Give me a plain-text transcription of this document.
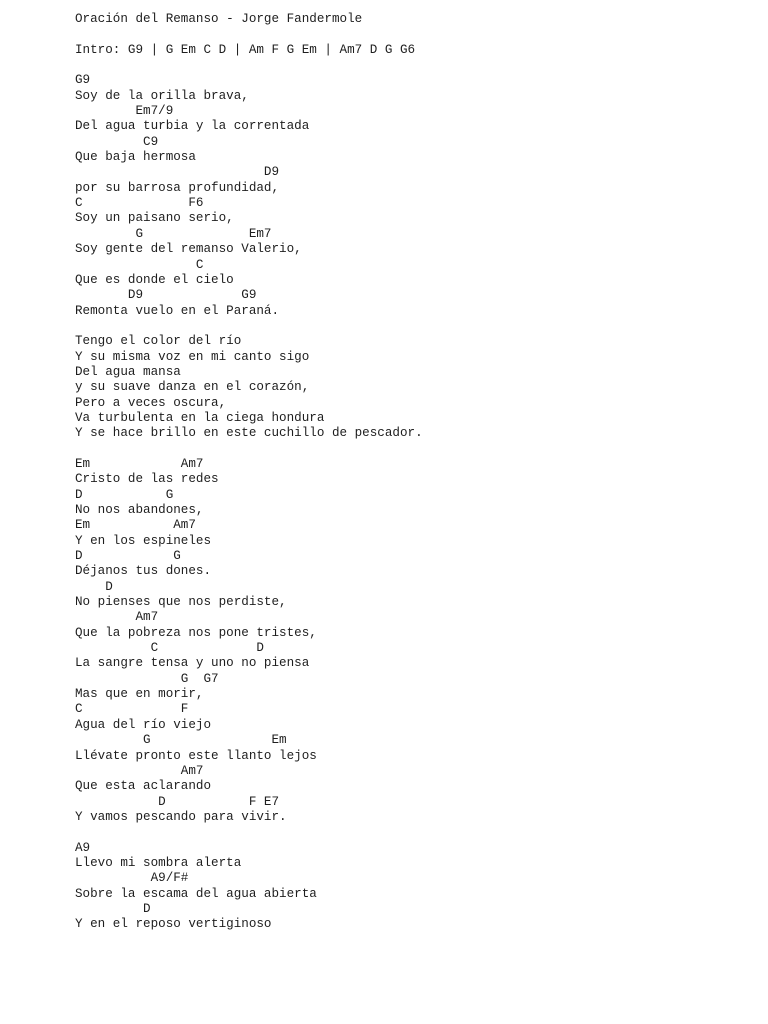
Oración del Remanso - Jorge Fandermole
Intro: G9 | G Em C D | Am F G Em | Am7 D G G6
G9
Soy de la orilla brava,
Em7/9
Del agua turbia y la correntada
C9
Que baja hermosa
D9
por su barrosa profundidad,
C              F6
Soy un paisano serio,
G              Em7
Soy gente del remanso Valerio,
C
Que es donde el cielo
D9             G9
Remonta vuelo en el Paraná.
Tengo el color del río
Y su misma voz en mi canto sigo
Del agua mansa
y su suave danza en el corazón,
Pero a veces oscura,
Va turbulenta en la ciega hondura
Y se hace brillo en este cuchillo de pescador.
Em            Am7
Cristo de las redes
D           G
No nos abandones,
Em           Am7
Y en los espineles
D            G
Déjanos tus dones.
D
No pienses que nos perdiste,
Am7
Que la pobreza nos pone tristes,
C             D
La sangre tensa y uno no piensa
G  G7
Mas que en morir,
C             F
Agua del río viejo
G                Em
Llévate pronto este llanto lejos
Am7
Que esta aclarando
D           F E7
Y vamos pescando para vivir.
A9
Llevo mi sombra alerta
A9/F#
Sobre la escama del agua abierta
D
Y en el reposo vertiginoso
